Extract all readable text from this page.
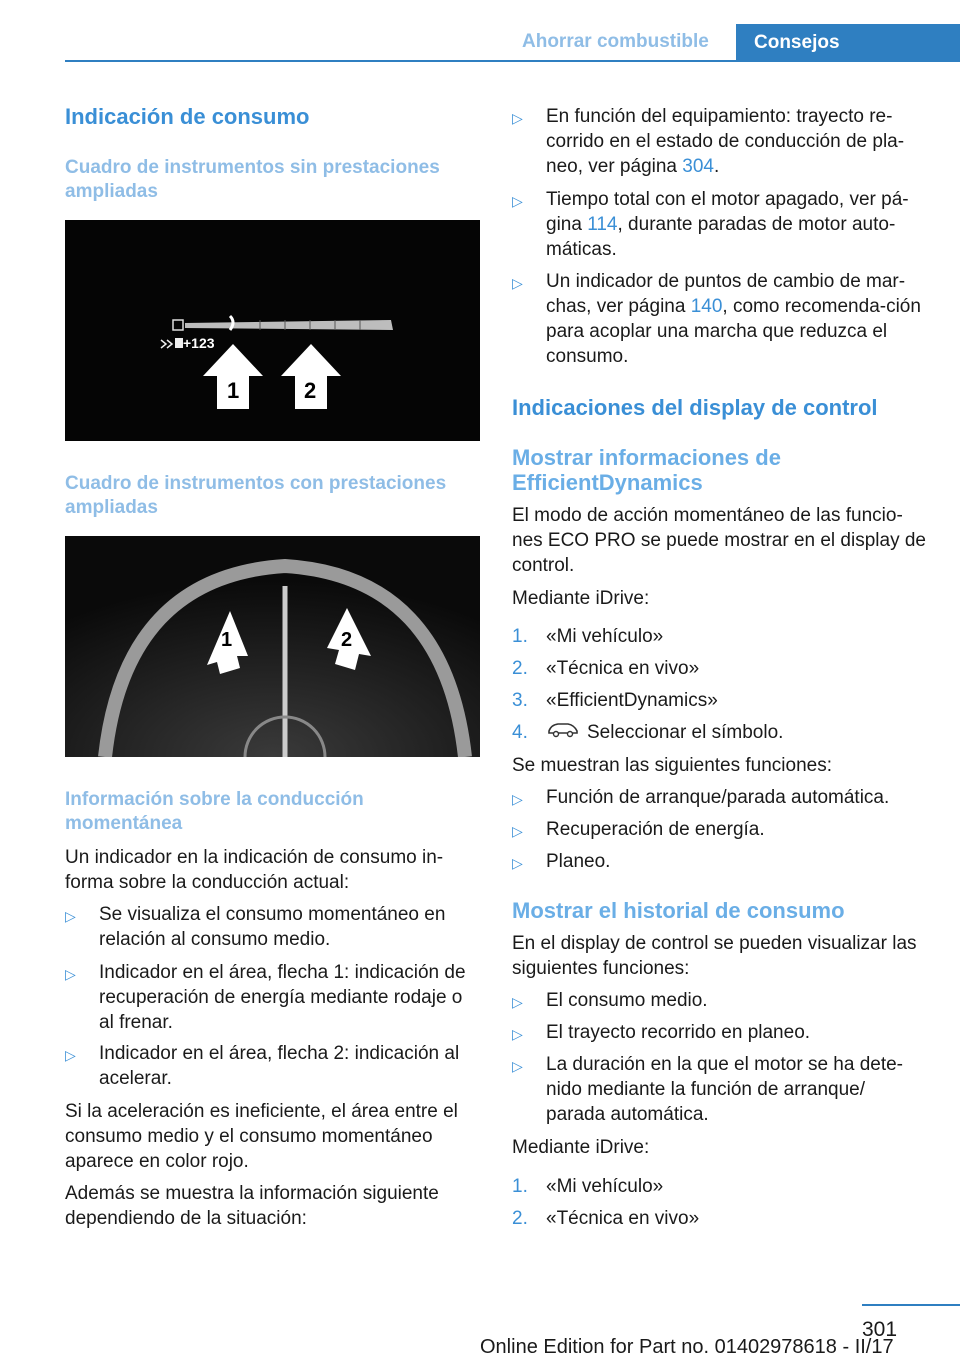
Ahorrar combustible	Consejos
Indicación de consumo
Cuadro de instrumentos sin prestaciones ampliadas
+123
1	2
Cuadro de instrumentos con prestaciones ampliadas
1	2
Información sobre la conducción momentánea
Un indicador en la indicación de consumo in-forma sobre la conducción actual:
▷ Se visualiza el consumo momentáneo en relación al consumo medio.
▷ Indicador en el área, flecha 1: indicación de recuperación de energía mediante rodaje o al frenar.
▷ Indicador en el área, flecha 2: indicación al acelerar.
Si la aceleración es ineficiente, el área entre el consumo medio y el consumo momentáneo aparece en color rojo.
Además se muestra la información siguiente dependiendo de la situación:
▷ En función del equipamiento: trayecto re-corrido en el estado de conducción de pla-neo, ver página 304.
▷ Tiempo total con el motor apagado, ver pá-gina 114, durante paradas de motor auto-máticas.
▷ Un indicador de puntos de cambio de mar-chas, ver página 140, como recomenda-ción para acoplar una marcha que reduzca el consumo.
Indicaciones del display de control
Mostrar informaciones de EfficientDynamics
El modo de acción momentáneo de las funcio-nes ECO PRO se puede mostrar en el display de control.
Mediante iDrive:
1. «Mi vehículo»
2. «Técnica en vivo»
3. «EfficientDynamics»
4.	Seleccionar el símbolo.
Se muestran las siguientes funciones:
▷ Función de arranque/parada automática.
▷ Recuperación de energía.
▷ Planeo.
Mostrar el historial de consumo
En el display de control se pueden visualizar las siguientes funciones:
▷ El consumo medio.
▷ El trayecto recorrido en planeo.
▷ La duración en la que el motor se ha dete-nido mediante la función de arranque/ parada automática.
Mediante iDrive:
1. «Mi vehículo»
2. «Técnica en vivo»
301
Online Edition for Part no. 01402978618 - II/17
